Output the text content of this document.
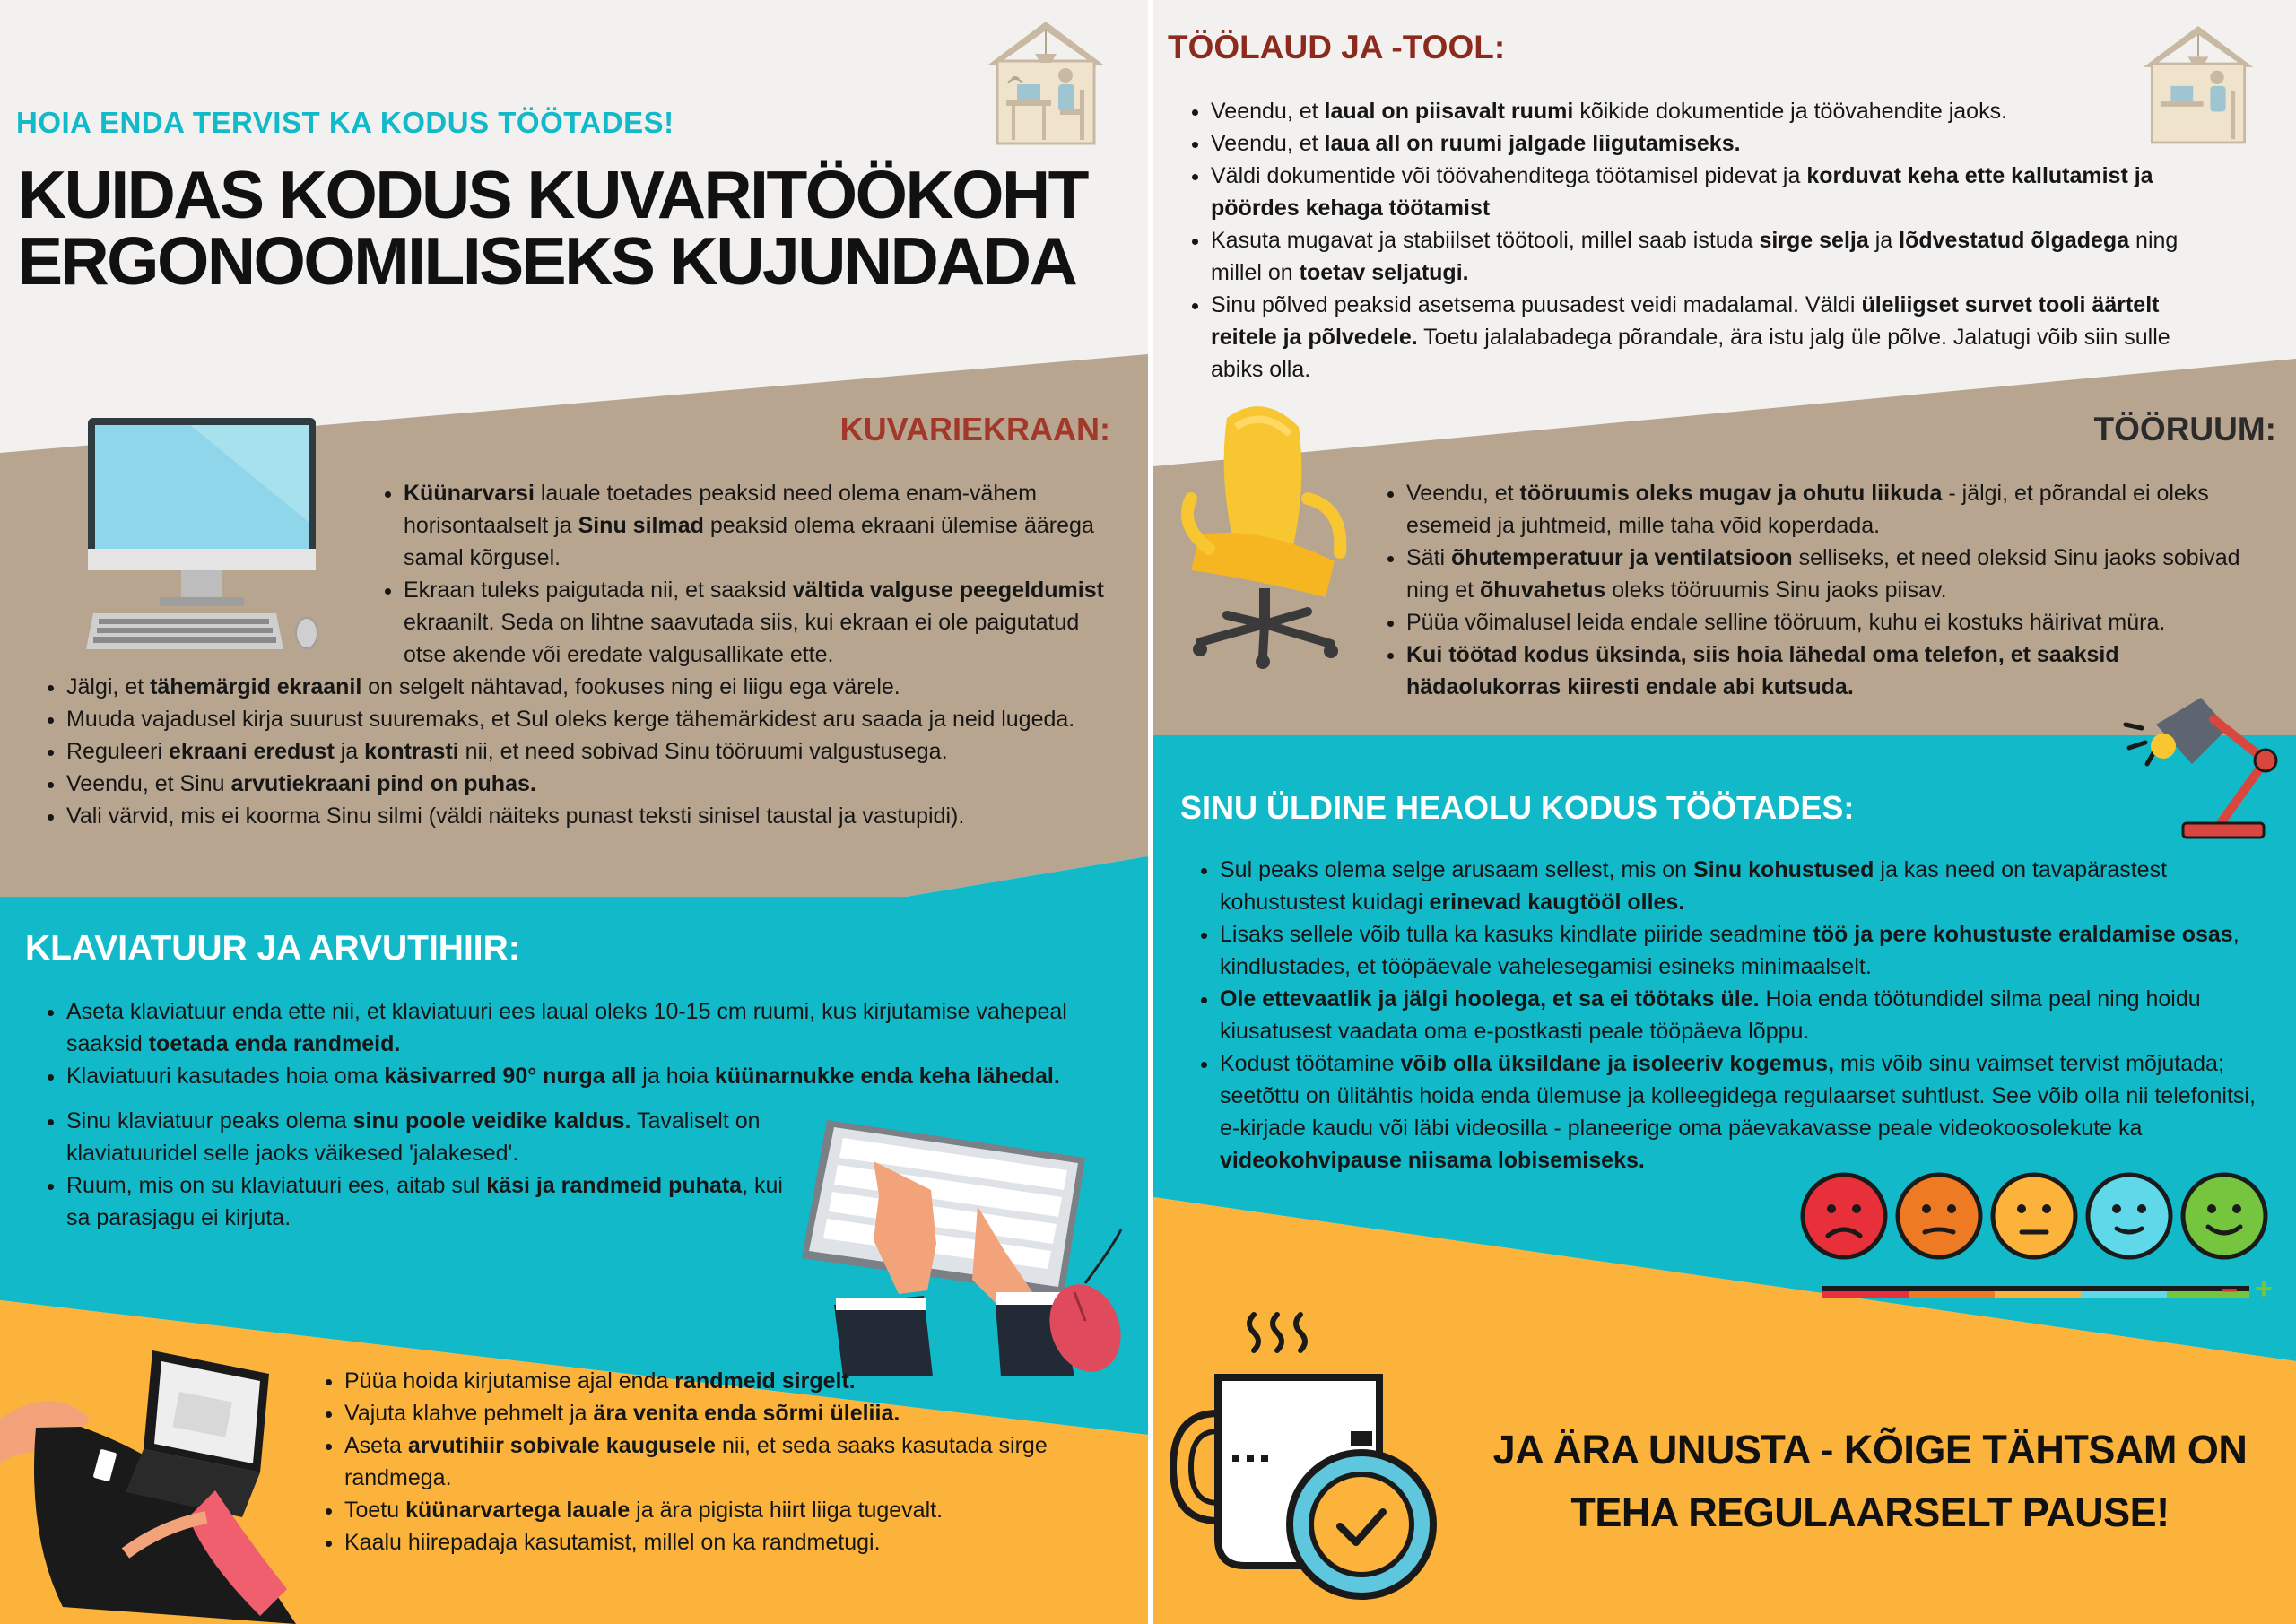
HOIA ENDA TERVIST KA KODUS TÖÖTADES!
KUIDAS KODUS KUVARITÖÖKOHT
ERGONOOMILISEKS KUJUNDADA
KUVARIEKRAAN:
• Küünarvarsi lauale toetades peaksid need olema enam-vähem horisontaalselt ja Sinu silmad peaksid olema ekraani ülemise äärega samal kõrgusel.
• Ekraan tuleks paigutada nii, et saaksid vältida valguse peegeldumist ekraanilt. Seda on lihtne saavutada siis, kui ekraan ei ole paigutatud otse akende või eredate valgusallikate ette.
• Jälgi, et tähemärgid ekraanil on selgelt nähtavad, fookuses ning ei liigu ega värele.
• Muuda vajadusel kirja suurust suuremaks, et Sul oleks kerge tähemärkidest aru saada ja neid lugeda.
• Reguleeri ekraani eredust ja kontrasti nii, et need sobivad Sinu tööruumi valgustusega.
• Veendu, et Sinu arvutiekraani pind on puhas.
• Vali värvid, mis ei koorma Sinu silmi (väldi näiteks punast teksti sinisel taustal ja vastupidi).
KLAVIATUUR JA ARVUTIHIIR:
• Aseta klaviatuur enda ette nii, et klaviatuuri ees laual oleks 10-15 cm ruumi, kus kirjutamise vahepeal saaksid toetada enda randmeid.
• Klaviatuuri kasutades hoia oma käsivarred 90° nurga all ja hoia küünarnukke enda keha lähedal.
• Sinu klaviatuur peaks olema sinu poole veidike kaldus. Tavaliselt on klaviatuuridel selle jaoks väikesed 'jalakesed'.
• Ruum, mis on su klaviatuuri ees, aitab sul käsi ja randmeid puhata, kui sa parasjagu ei kirjuta.
• Püüa hoida kirjutamise ajal enda randmeid sirgelt.
• Vajuta klahve pehmelt ja ära venita enda sõrmi üleliia.
• Aseta arvutihiir sobivale kaugusele nii, et seda saaks kasutada sirge randmega.
• Toetu küünarvartega lauale ja ära pigista hiirt liiga tugevalt.
• Kaalu hiirepadaja kasutamist, millel on ka randmetugi.
TÖÖLAUD JA -TOOL:
• Veendu, et laual on piisavalt ruumi kõikide dokumentide ja töövahendite jaoks.
• Veendu, et laua all on ruumi jalgade liigutamiseks.
• Väldi dokumentide või töövahenditega töötamisel pidevat ja korduvat keha ette kallutamist ja pöördes kehaga töötamist
• Kasuta mugavat ja stabiilset töötooli, millel saab istuda sirge selja ja lõdvestatud õlgadega ning millel on toetav seljatugi.
• Sinu põlved peaksid asetsema puusadest veidi madalamal. Väldi üleliigset survet tooli äärtelt reitele ja põlvedele. Toetu jalalabadega põrandale, ära istu jalg üle põlve. Jalatugi võib siin sulle abiks olla.
TÖÖRUUM:
• Veendu, et tööruumis oleks mugav ja ohutu liikuda - jälgi, et põrandal ei oleks esemeid ja juhtmeid, mille taha võid koperdada.
• Säti õhutemperatuur ja ventilatsioon selliseks, et need oleksid Sinu jaoks sobivad ning et õhuvahetus oleks tööruumis Sinu jaoks piisav.
• Püüa võimalusel leida endale selline tööruum, kuhu ei kostuks häirivat müra.
• Kui töötad kodus üksinda, siis hoia lähedal oma telefon, et saaksid hädaolukorras kiiresti endale abi kutsuda.
SINU ÜLDINE HEAOLU KODUS TÖÖTADES:
• Sul peaks olema selge arusaam sellest, mis on Sinu kohustused ja kas need on tavapärastest kohustustest kuidagi erinevad kaugtööl olles.
• Lisaks sellele võib tulla ka kasuks kindlate piiride seadmine töö ja pere kohustuste eraldamise osas, kindlustades, et tööpäevale vahelesegamisi esineks minimaalselt.
• Ole ettevaatlik ja jälgi hoolega, et sa ei töötaks üle. Hoia enda töötundidel silma peal ning hoidu kiusatusest vaadata oma e-postkasti peale tööpäeva lõppu.
• Kodust töötamine võib olla üksildane ja isoleeriv kogemus, mis võib sinu vaimset tervist mõjutada; seetõttu on ülitähtis hoida enda ülemuse ja kolleegidega regulaarset suhtlust. See võib olla nii telefonitsi, e-kirjade kaudu või läbi videosilla - planeerige oma päevakavasse peale videokoosolekute ka videokohvipause niisama lobisemiseks.
– +
JA ÄRA UNUSTA - KÕIGE TÄHTSAM ON
TEHA REGULAARSELT PAUSE!
